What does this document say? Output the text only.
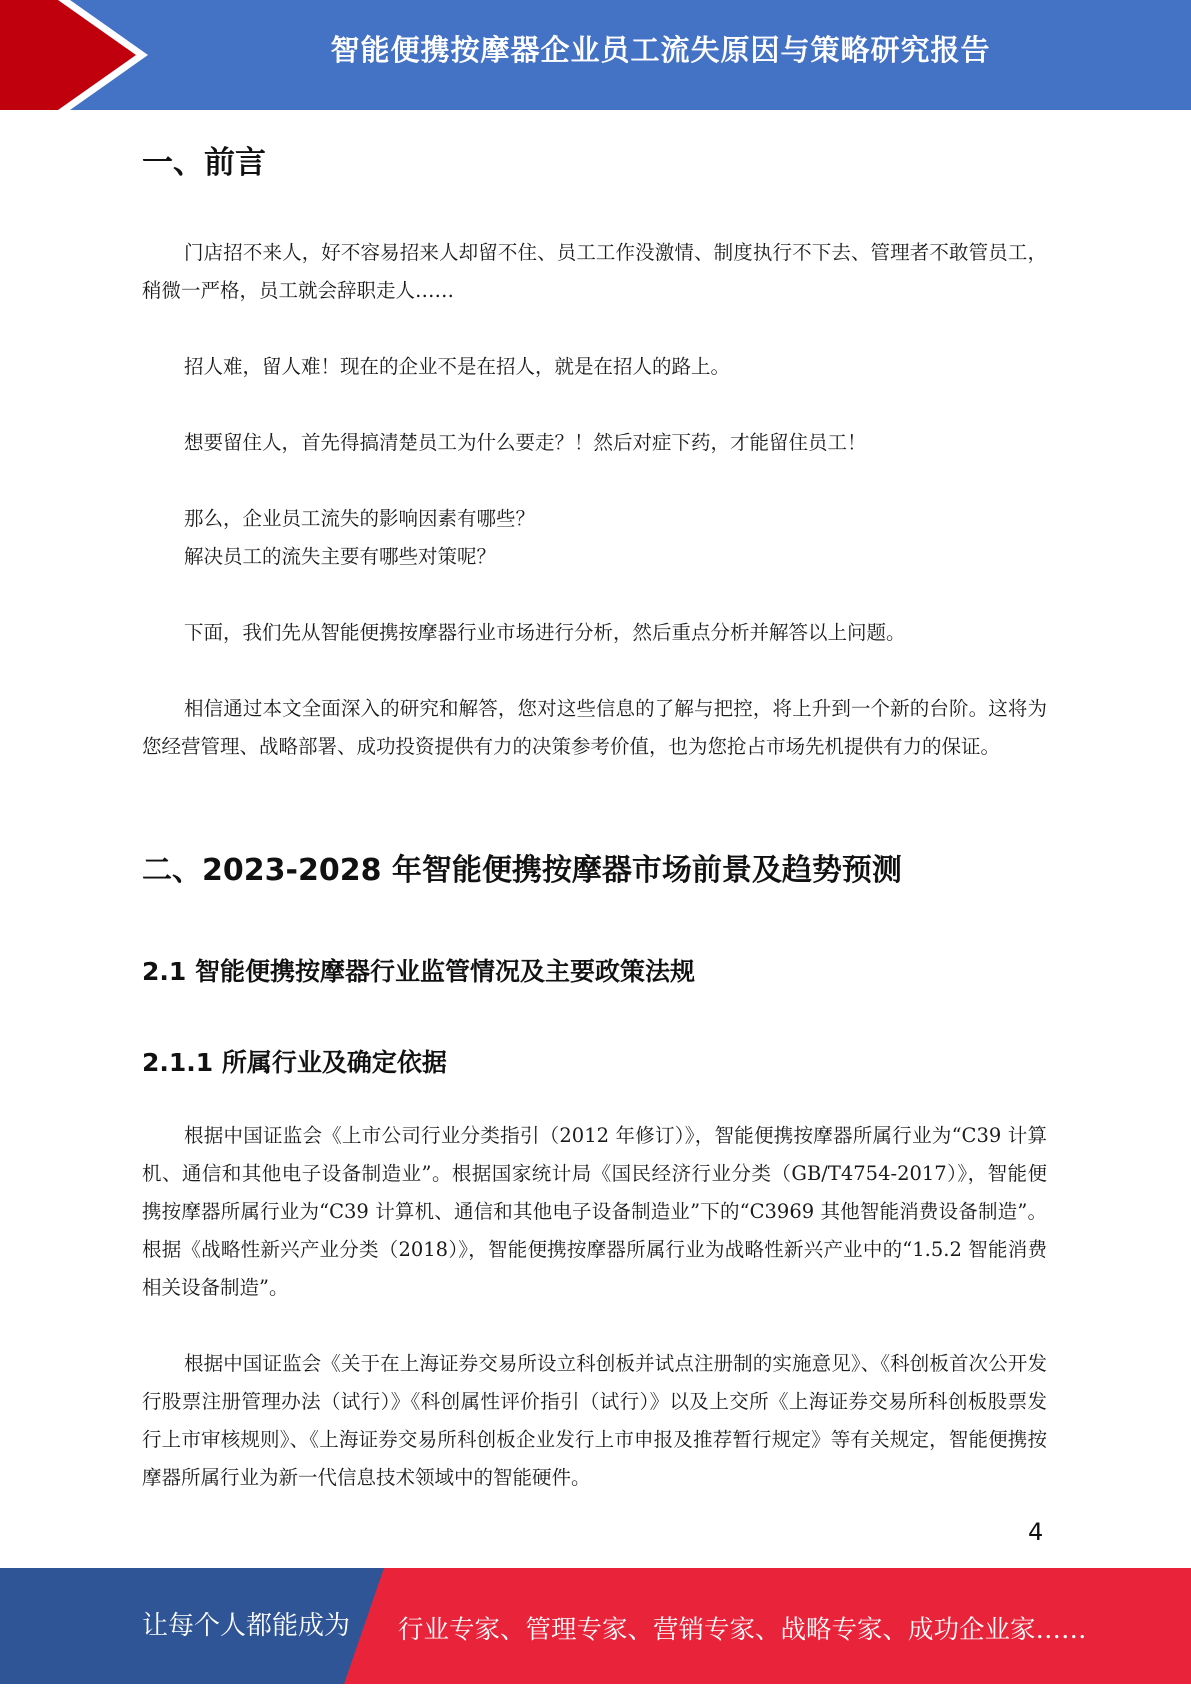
智能便携按摩器企业员工流失原因与策略研究报告
一、前言

门店招不来人，好不容易招来人却留不住、员工工作没激情、制度执行不下去、管理者不敢管员工，稍微一严格，员工就会辞职走人……

招人难，留人难！现在的企业不是在招人，就是在招人的路上。

想要留住人，首先得搞清楚员工为什么要走？！然后对症下药，才能留住员工！

那么，企业员工流失的影响因素有哪些？

解决员工的流失主要有哪些对策呢？

下面，我们先从智能便携按摩器行业市场进行分析，然后重点分析并解答以上问题。

相信通过本文全面深入的研究和解答，您对这些信息的了解与把控，将上升到一个新的台阶。这将为您经营管理、战略部署、成功投资提供有力的决策参考价值，也为您抢占市场先机提供有力的保证。

二、2023-2028 年智能便携按摩器市场前景及趋势预测
2.1 智能便携按摩器行业监管情况及主要政策法规
2.1.1 所属行业及确定依据

根据中国证监会《上市公司行业分类指引（2012 年修订）》，智能便携按摩器所属行业为“C39 计算机、通信和其他电子设备制造业”。根据国家统计局《国民经济行业分类（GB/T4754-2017）》，智能便携按摩器所属行业为“C39 计算机、通信和其他电子设备制造业”下的“C3969 其他智能消费设备制造”。根据《战略性新兴产业分类（2018）》，智能便携按摩器所属行业为战略性新兴产业中的“1.5.2 智能消费相关设备制造”。

根据中国证监会《关于在上海证券交易所设立科创板并试点注册制的实施意见》、《科创板首次公开发行股票注册管理办法（试行）》《科创属性评价指引（试行）》以及上交所《上海证券交易所科创板股票发行上市审核规则》、《上海证券交易所科创板企业发行上市申报及推荐暂行规定》等有关规定，智能便携按摩器所属行业为新一代信息技术领域中的智能硬件。

4
让每个人都能成为 行业专家、管理专家、营销专家、战略专家、成功企业家……
